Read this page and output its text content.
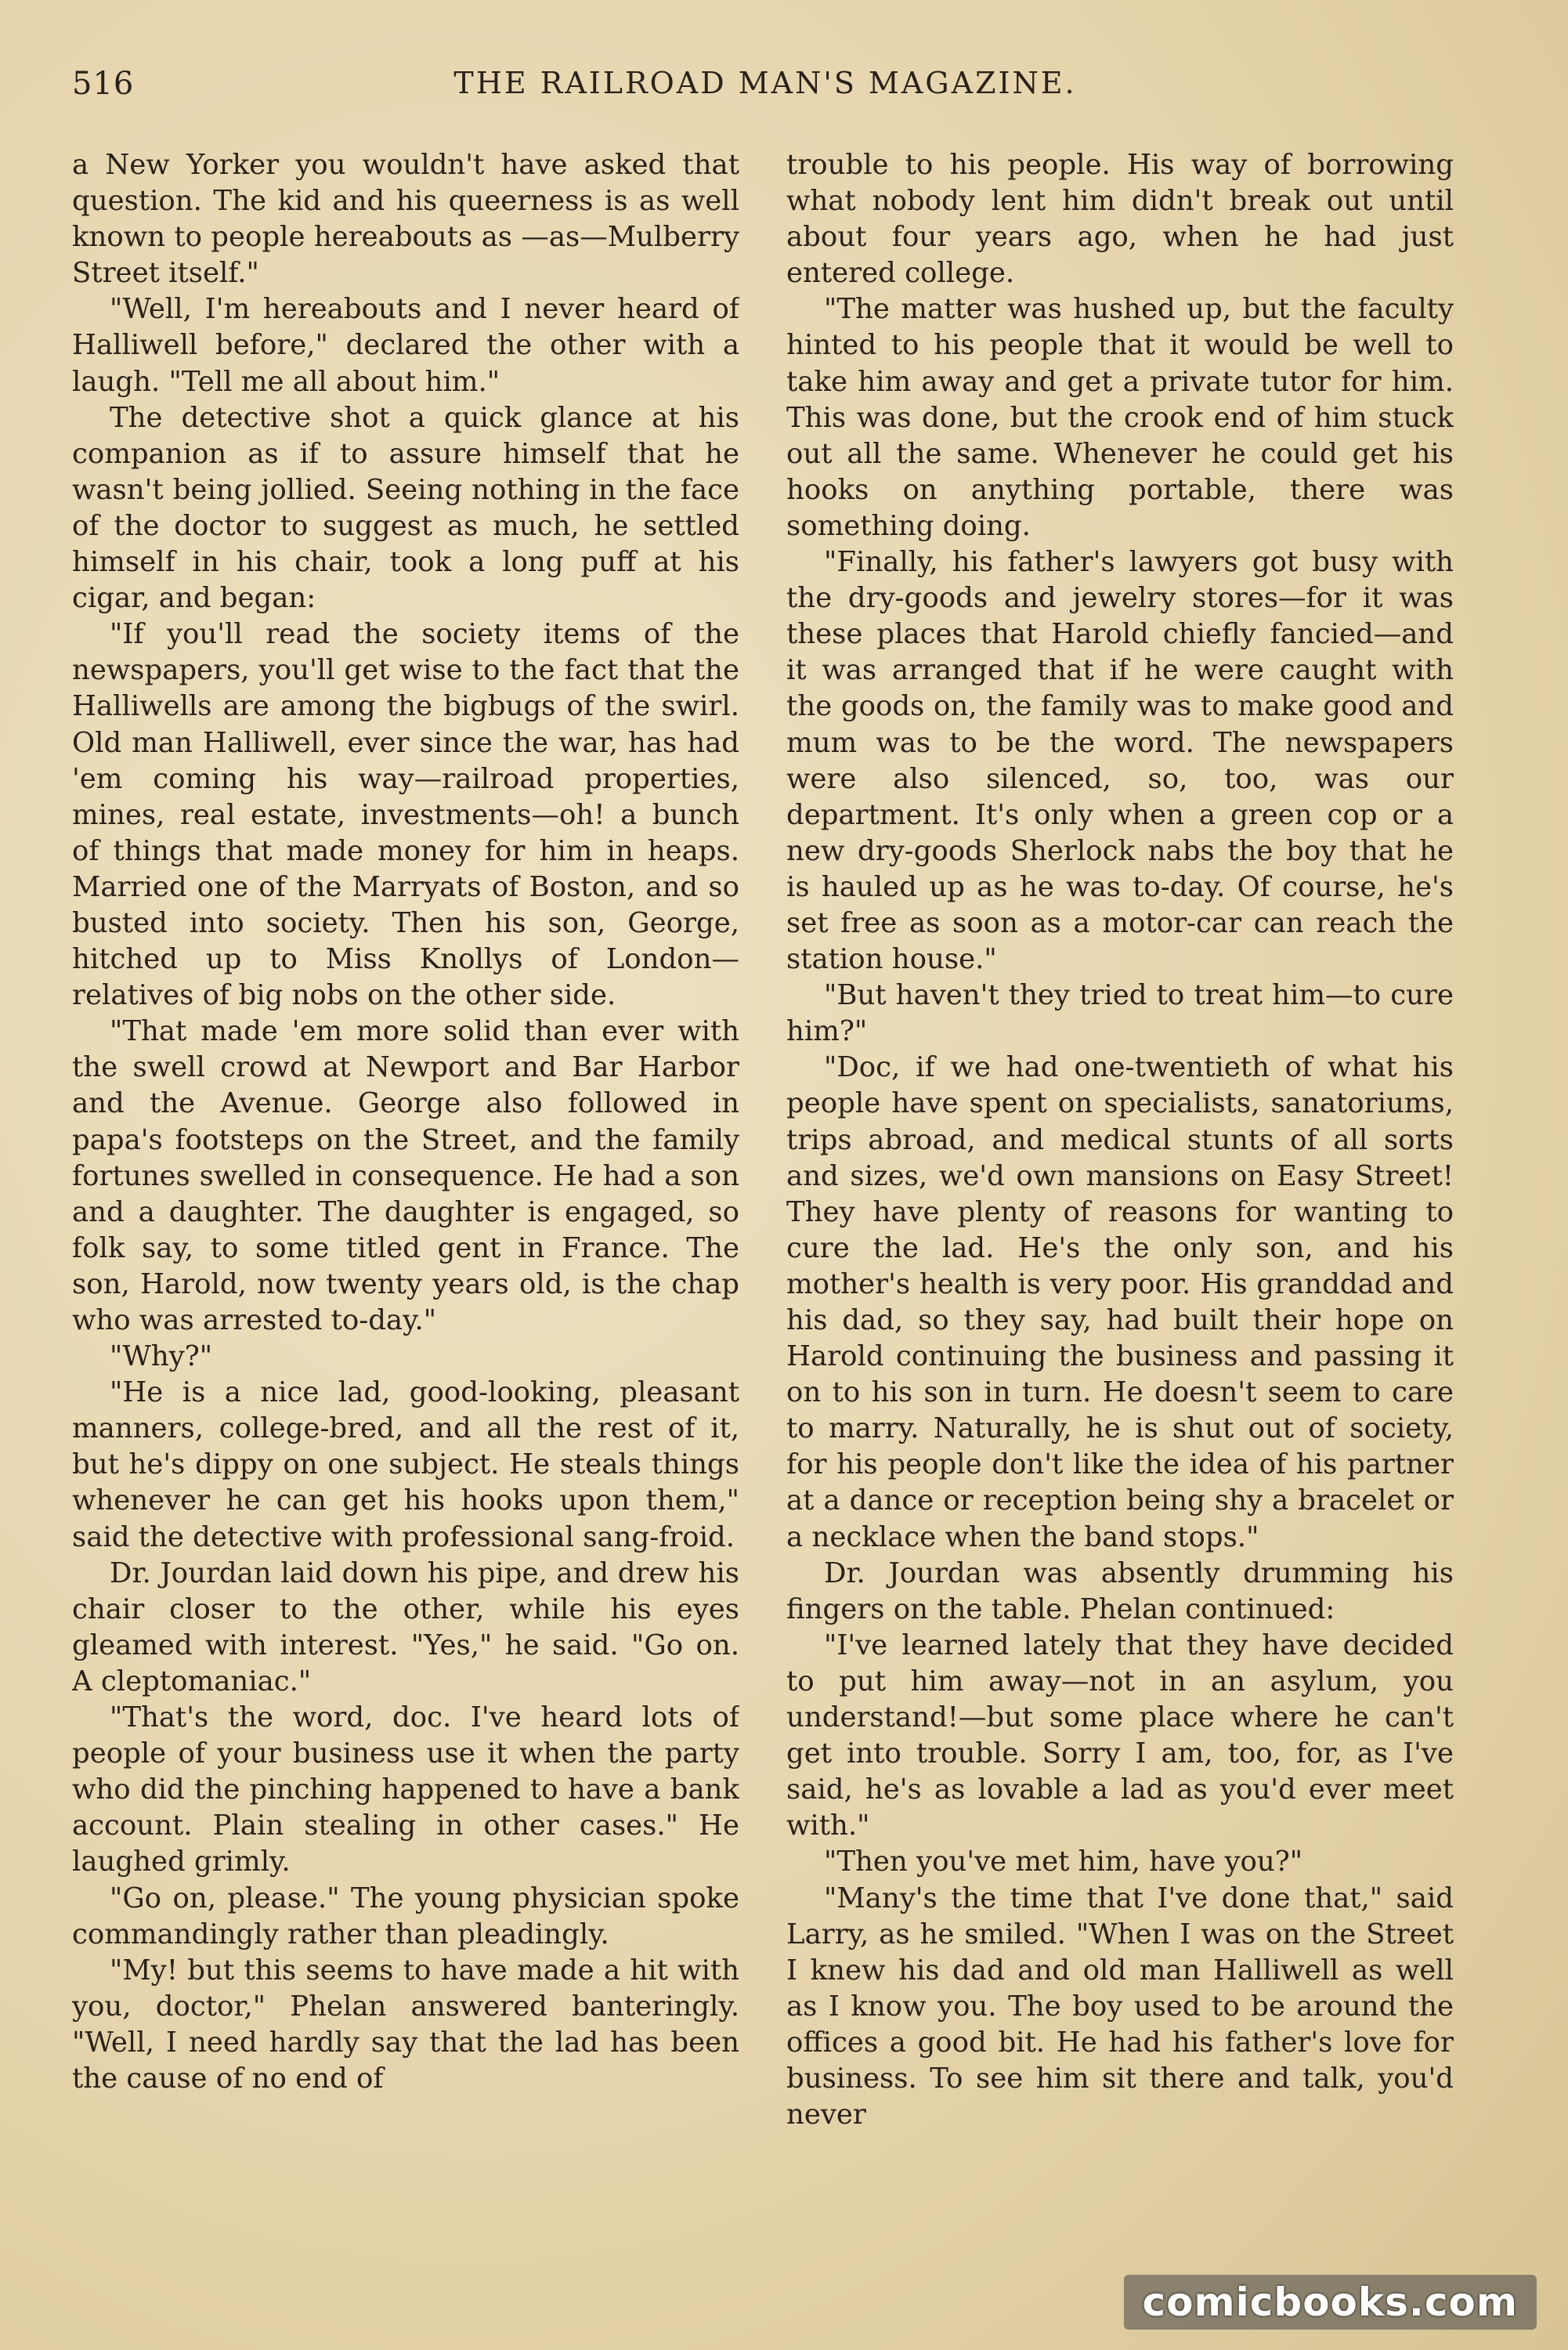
516	THE RAILROAD MAN'S MAGAZINE.

a New Yorker you wouldn't have asked that question. The kid and his queerness is as well known to people hereabouts as —as—Mulberry Street itself."

"Well, I'm hereabouts and I never heard of Halliwell before," declared the other with a laugh. "Tell me all about him."

The detective shot a quick glance at his companion as if to assure himself that he wasn't being jollied. Seeing nothing in the face of the doctor to suggest as much, he settled himself in his chair, took a long puff at his cigar, and began:

"If you'll read the society items of the newspapers, you'll get wise to the fact that the Halliwells are among the bigbugs of the swirl. Old man Halliwell, ever since the war, has had 'em coming his way—railroad properties, mines, real estate, investments—oh! a bunch of things that made money for him in heaps. Married one of the Marryats of Boston, and so busted into society. Then his son, George, hitched up to Miss Knollys of London—relatives of big nobs on the other side.

"That made 'em more solid than ever with the swell crowd at Newport and Bar Harbor and the Avenue. George also followed in papa's footsteps on the Street, and the family fortunes swelled in consequence. He had a son and a daughter. The daughter is engaged, so folk say, to some titled gent in France. The son, Harold, now twenty years old, is the chap who was arrested to-day."

"Why?"

"He is a nice lad, good-looking, pleasant manners, college-bred, and all the rest of it, but he's dippy on one subject. He steals things whenever he can get his hooks upon them," said the detective with professional sang-froid.

Dr. Jourdan laid down his pipe, and drew his chair closer to the other, while his eyes gleamed with interest. "Yes," he said. "Go on. A cleptomaniac."

"That's the word, doc. I've heard lots of people of your business use it when the party who did the pinching happened to have a bank account. Plain stealing in other cases." He laughed grimly.

"Go on, please." The young physician spoke commandingly rather than pleadingly.

"My! but this seems to have made a hit with you, doctor," Phelan answered banteringly. "Well, I need hardly say that the lad has been the cause of no end of

trouble to his people. His way of borrowing what nobody lent him didn't break out until about four years ago, when he had just entered college.

"The matter was hushed up, but the faculty hinted to his people that it would be well to take him away and get a private tutor for him. This was done, but the crook end of him stuck out all the same. Whenever he could get his hooks on anything portable, there was something doing.

"Finally, his father's lawyers got busy with the dry-goods and jewelry stores—for it was these places that Harold chiefly fancied—and it was arranged that if he were caught with the goods on, the family was to make good and mum was to be the word. The newspapers were also silenced, so, too, was our department. It's only when a green cop or a new dry-goods Sherlock nabs the boy that he is hauled up as he was to-day. Of course, he's set free as soon as a motor-car can reach the station house."

"But haven't they tried to treat him—to cure him?"

"Doc, if we had one-twentieth of what his people have spent on specialists, sanatoriums, trips abroad, and medical stunts of all sorts and sizes, we'd own mansions on Easy Street! They have plenty of reasons for wanting to cure the lad. He's the only son, and his mother's health is very poor. His granddad and his dad, so they say, had built their hope on Harold continuing the business and passing it on to his son in turn. He doesn't seem to care to marry. Naturally, he is shut out of society, for his people don't like the idea of his partner at a dance or reception being shy a bracelet or a necklace when the band stops."

Dr. Jourdan was absently drumming his fingers on the table. Phelan continued:

"I've learned lately that they have decided to put him away—not in an asylum, you understand!—but some place where he can't get into trouble. Sorry I am, too, for, as I've said, he's as lovable a lad as you'd ever meet with."

"Then you've met him, have you?"

"Many's the time that I've done that," said Larry, as he smiled. "When I was on the Street I knew his dad and old man Halliwell as well as I know you. The boy used to be around the offices a good bit. He had his father's love for business. To see him sit there and talk, you'd never

comicbooks.com
